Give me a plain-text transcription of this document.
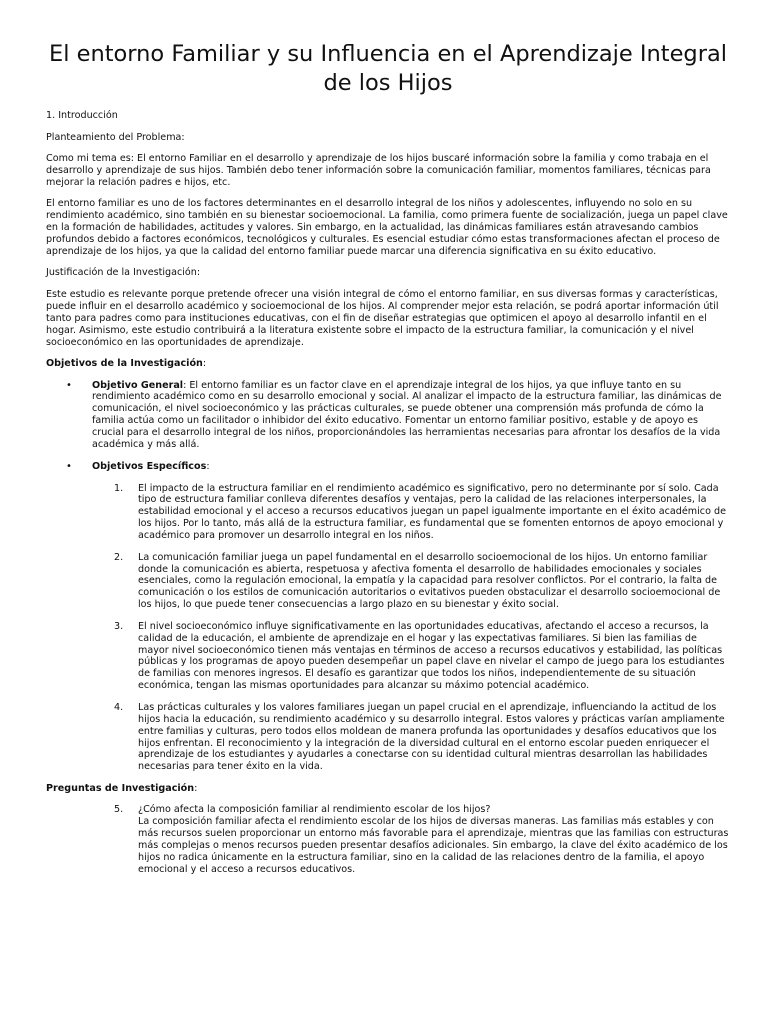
El entorno Familiar y su Influencia en el Aprendizaje Integral de los Hijos

1. Introducción

Planteamiento del Problema:

Como mi tema es: El entorno Familiar en el desarrollo y aprendizaje de los hijos buscaré información sobre la familia y como trabaja en el desarrollo y aprendizaje de sus hijos. También debo tener información sobre la comunicación familiar, momentos familiares, técnicas para mejorar la relación padres e hijos, etc.

El entorno familiar es uno de los factores determinantes en el desarrollo integral de los niños y adolescentes, influyendo no solo en su rendimiento académico, sino también en su bienestar socioemocional. La familia, como primera fuente de socialización, juega un papel clave en la formación de habilidades, actitudes y valores. Sin embargo, en la actualidad, las dinámicas familiares están atravesando cambios profundos debido a factores económicos, tecnológicos y culturales. Es esencial estudiar cómo estas transformaciones afectan el proceso de aprendizaje de los hijos, ya que la calidad del entorno familiar puede marcar una diferencia significativa en su éxito educativo.

Justificación de la Investigación:

Este estudio es relevante porque pretende ofrecer una visión integral de cómo el entorno familiar, en sus diversas formas y características, puede influir en el desarrollo académico y socioemocional de los hijos. Al comprender mejor esta relación, se podrá aportar información útil tanto para padres como para instituciones educativas, con el fin de diseñar estrategias que optimicen el apoyo al desarrollo infantil en el hogar. Asimismo, este estudio contribuirá a la literatura existente sobre el impacto de la estructura familiar, la comunicación y el nivel socioeconómico en las oportunidades de aprendizaje.

Objetivos de la Investigación:

• Objetivo General: El entorno familiar es un factor clave en el aprendizaje integral de los hijos, ya que influye tanto en su rendimiento académico como en su desarrollo emocional y social. Al analizar el impacto de la estructura familiar, las dinámicas de comunicación, el nivel socioeconómico y las prácticas culturales, se puede obtener una comprensión más profunda de cómo la familia actúa como un facilitador o inhibidor del éxito educativo. Fomentar un entorno familiar positivo, estable y de apoyo es crucial para el desarrollo integral de los niños, proporcionándoles las herramientas necesarias para afrontar los desafíos de la vida académica y más allá.
• Objetivos Específicos:
1. El impacto de la estructura familiar en el rendimiento académico es significativo, pero no determinante por sí solo. Cada tipo de estructura familiar conlleva diferentes desafíos y ventajas, pero la calidad de las relaciones interpersonales, la estabilidad emocional y el acceso a recursos educativos juegan un papel igualmente importante en el éxito académico de los hijos. Por lo tanto, más allá de la estructura familiar, es fundamental que se fomenten entornos de apoyo emocional y académico para promover un desarrollo integral en los niños.
2. La comunicación familiar juega un papel fundamental en el desarrollo socioemocional de los hijos. Un entorno familiar donde la comunicación es abierta, respetuosa y afectiva fomenta el desarrollo de habilidades emocionales y sociales esenciales, como la regulación emocional, la empatía y la capacidad para resolver conflictos. Por el contrario, la falta de comunicación o los estilos de comunicación autoritarios o evitativos pueden obstaculizar el desarrollo socioemocional de los hijos, lo que puede tener consecuencias a largo plazo en su bienestar y éxito social.
3. El nivel socioeconómico influye significativamente en las oportunidades educativas, afectando el acceso a recursos, la calidad de la educación, el ambiente de aprendizaje en el hogar y las expectativas familiares. Si bien las familias de mayor nivel socioeconómico tienen más ventajas en términos de acceso a recursos educativos y estabilidad, las políticas públicas y los programas de apoyo pueden desempeñar un papel clave en nivelar el campo de juego para los estudiantes de familias con menores ingresos. El desafío es garantizar que todos los niños, independientemente de su situación económica, tengan las mismas oportunidades para alcanzar su máximo potencial académico.
4. Las prácticas culturales y los valores familiares juegan un papel crucial en el aprendizaje, influenciando la actitud de los hijos hacia la educación, su rendimiento académico y su desarrollo integral. Estos valores y prácticas varían ampliamente entre familias y culturas, pero todos ellos moldean de manera profunda las oportunidades y desafíos educativos que los hijos enfrentan. El reconocimiento y la integración de la diversidad cultural en el entorno escolar pueden enriquecer el aprendizaje de los estudiantes y ayudarles a conectarse con su identidad cultural mientras desarrollan las habilidades necesarias para tener éxito en la vida.

Preguntas de Investigación:

5. ¿Cómo afecta la composición familiar al rendimiento escolar de los hijos?
La composición familiar afecta el rendimiento escolar de los hijos de diversas maneras. Las familias más estables y con más recursos suelen proporcionar un entorno más favorable para el aprendizaje, mientras que las familias con estructuras más complejas o menos recursos pueden presentar desafíos adicionales. Sin embargo, la clave del éxito académico de los hijos no radica únicamente en la estructura familiar, sino en la calidad de las relaciones dentro de la familia, el apoyo emocional y el acceso a recursos educativos.
